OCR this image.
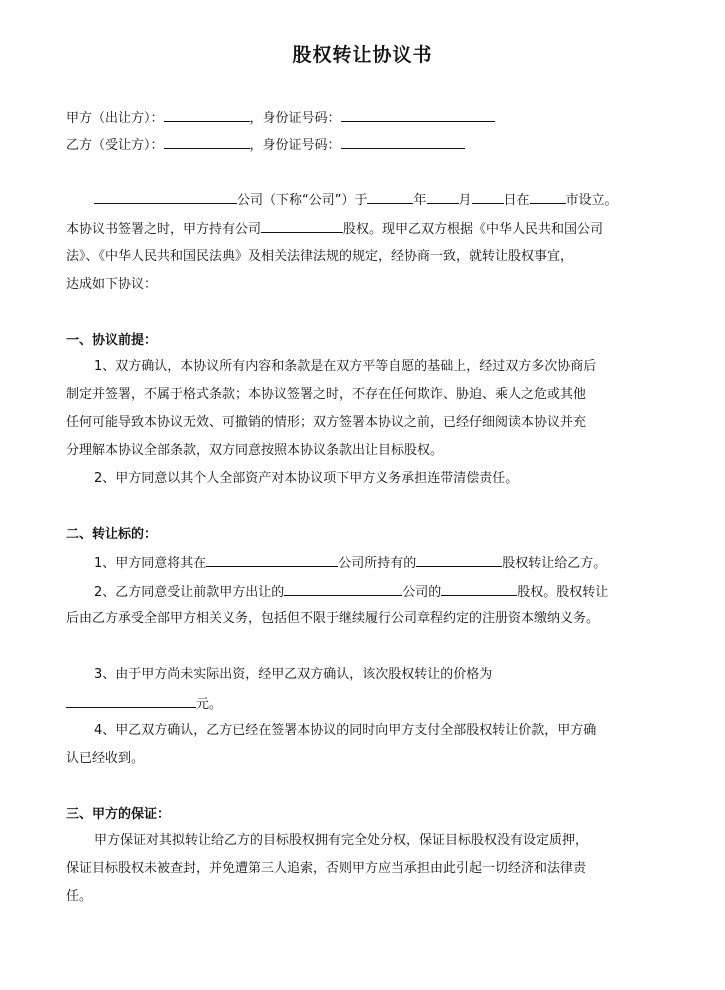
股权转让协议书
甲方（出让方）：	，身份证号码：
乙方（受让方）：	，身份证号码：
公司（下称“公司”）于	年 月 日在	市设立。
本协议书签署之时，甲方持有公司	股权。现甲乙双方根据《中华人民共和国公司
法》、《中华人民共和国民法典》及相关法律法规的规定，经协商一致，就转让股权事宜，
达成如下协议：
一、协议前提：
1、双方确认，本协议所有内容和条款是在双方平等自愿的基础上，经过双方多次协商后
制定并签署，不属于格式条款；本协议签署之时，不存在任何欺诈、胁迫、乘人之危或其他
任何可能导致本协议无效、可撤销的情形；双方签署本协议之前，已经仔细阅读本协议并充
分理解本协议全部条款，双方同意按照本协议条款出让目标股权。
2、甲方同意以其个人全部资产对本协议项下甲方义务承担连带清偿责任。
二、转让标的：
1、甲方同意将其在	公司所持有的	股权转让给乙方。
2、乙方同意受让前款甲方出让的	公司的	股权。股权转让
后由乙方承受全部甲方相关义务，包括但不限于继续履行公司章程约定的注册资本缴纳义务。
3、由于甲方尚未实际出资，经甲乙双方确认，该次股权转让的价格为
元。
4、甲乙双方确认，乙方已经在签署本协议的同时向甲方支付全部股权转让价款，甲方确
认已经收到。
三、甲方的保证：
甲方保证对其拟转让给乙方的目标股权拥有完全处分权，保证目标股权没有设定质押，
保证目标股权未被查封，并免遭第三人追索，否则甲方应当承担由此引起一切经济和法律责
任。
